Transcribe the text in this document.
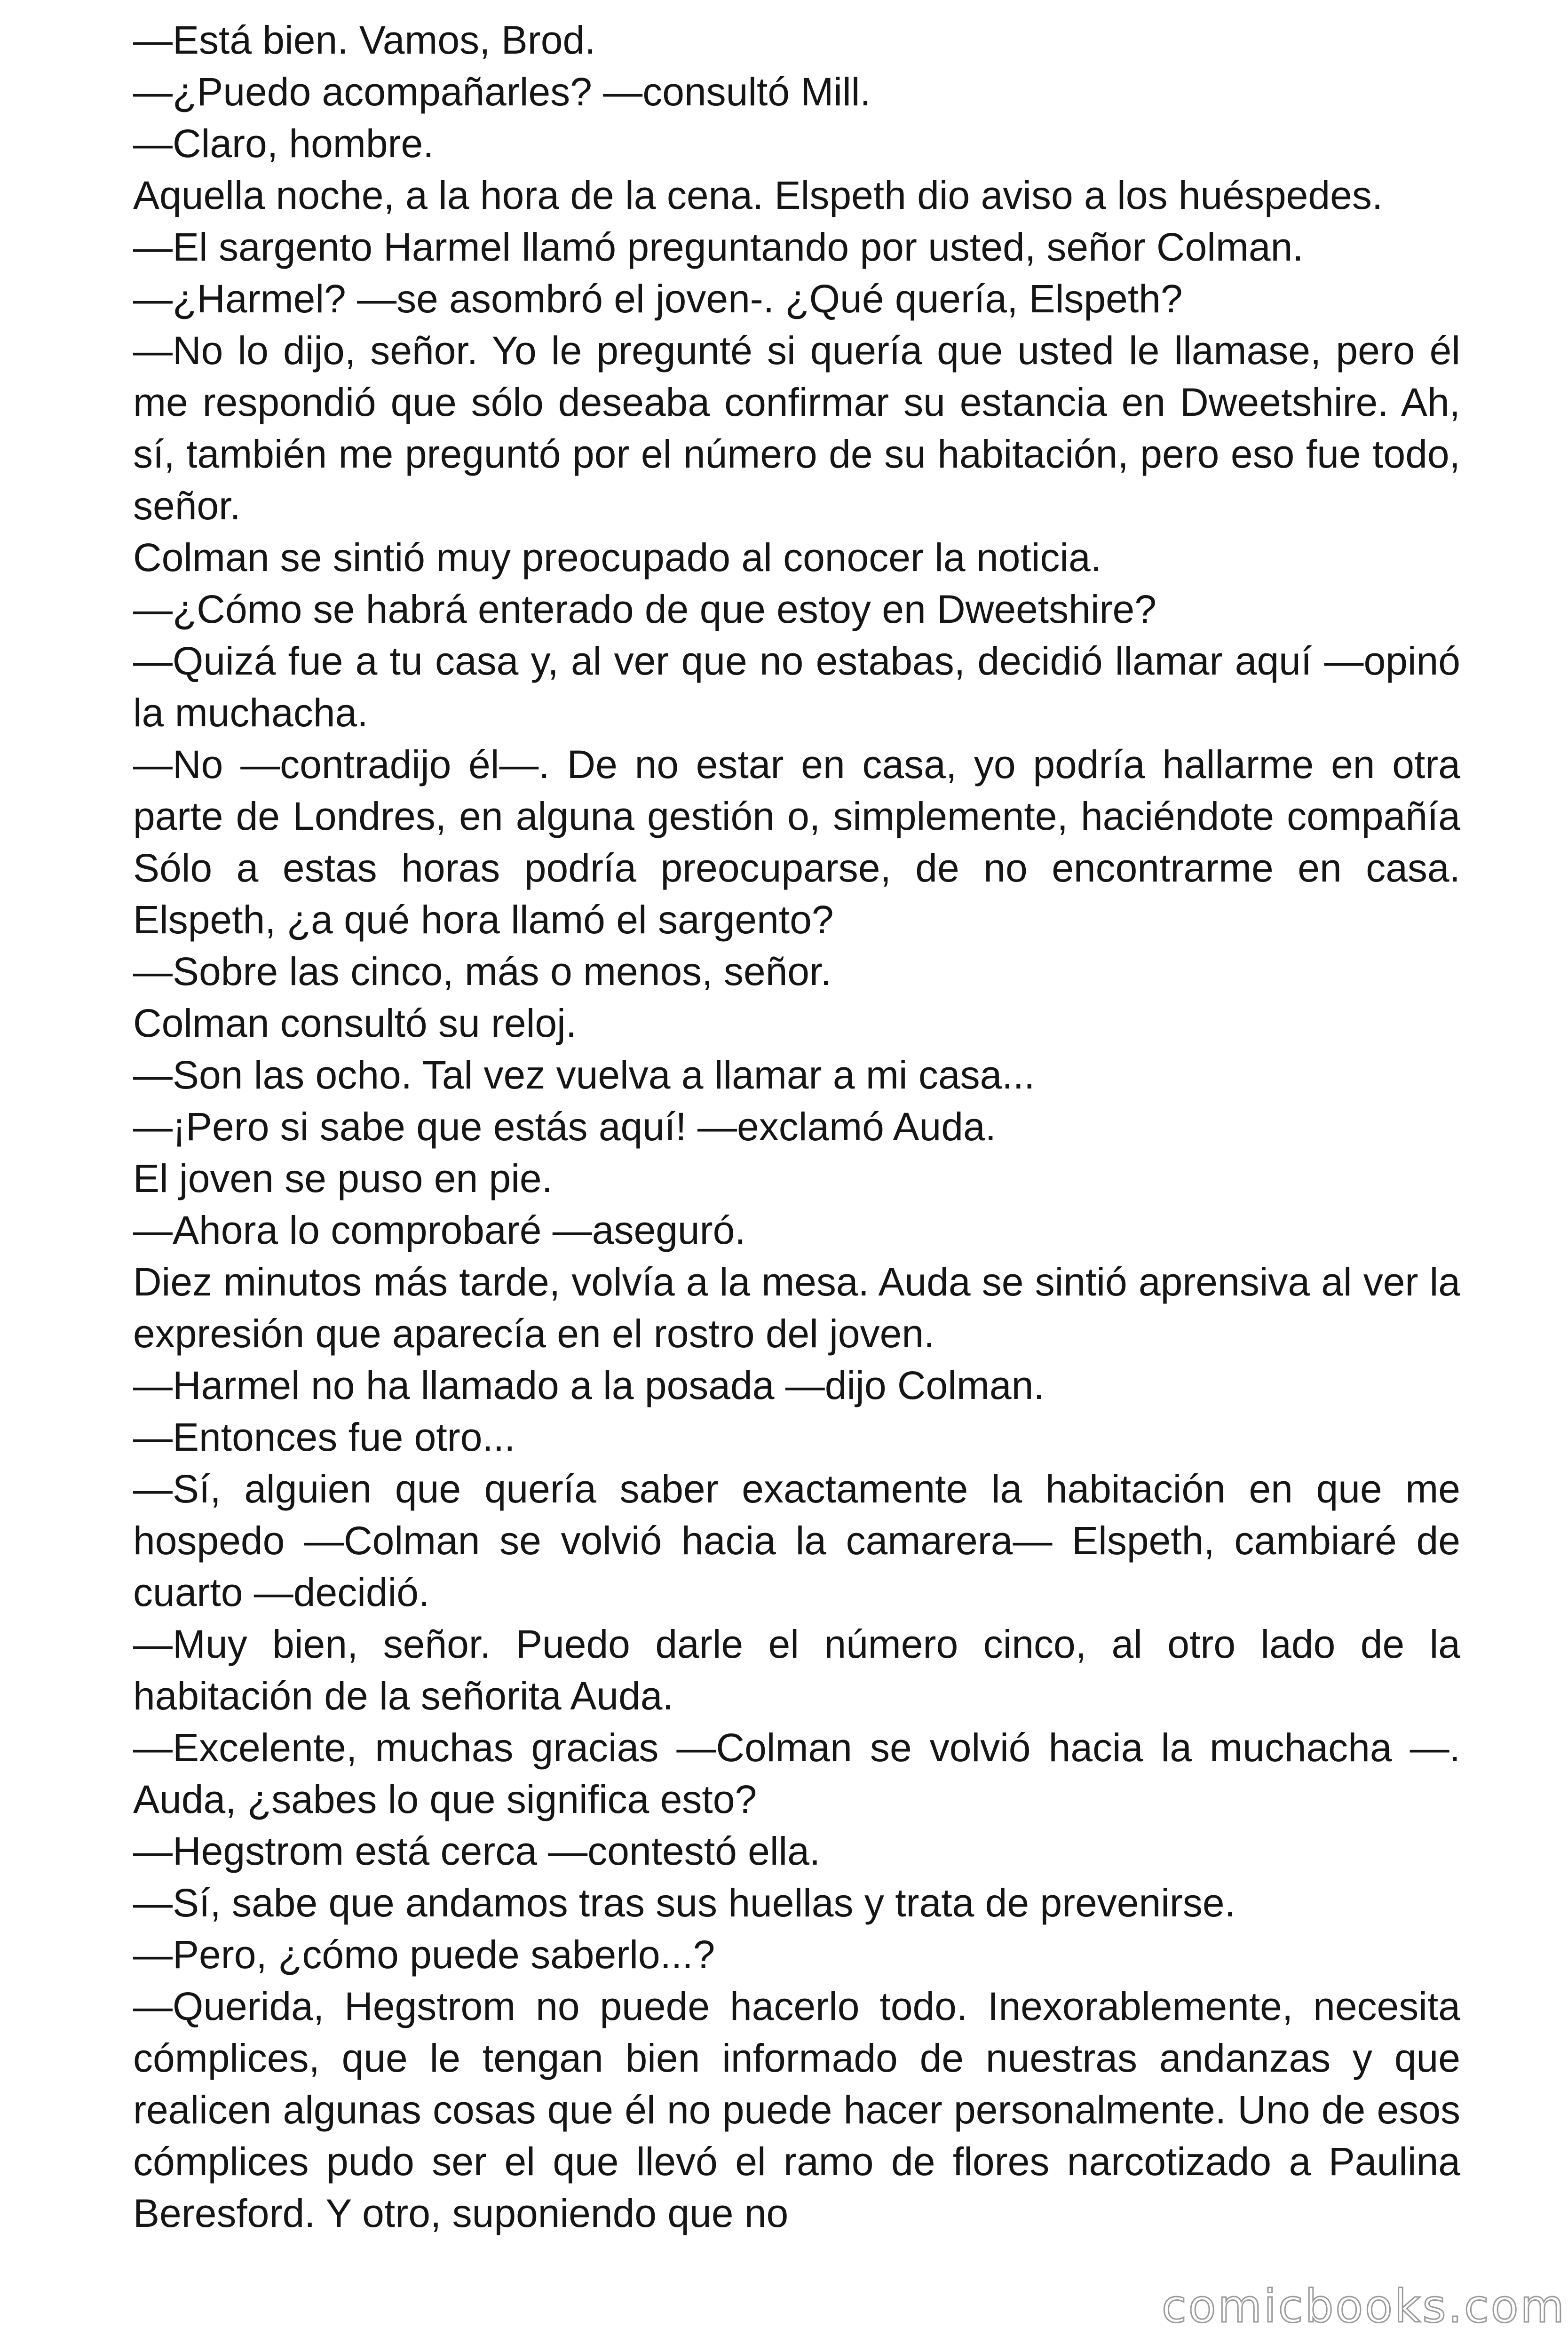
—Está bien. Vamos, Brod.

—¿Puedo acompañarles? —consultó Mill.

—Claro, hombre.

Aquella noche, a la hora de la cena. Elspeth dio aviso a los huéspedes.

—El sargento Harmel llamó preguntando por usted, señor Colman.

—¿Harmel? —se asombró el joven-. ¿Qué quería, Elspeth?

—No lo dijo, señor. Yo le pregunté si quería que usted le llamase, pero él me respondió que sólo deseaba confirmar su estancia en Dweetshire. Ah, sí, también me preguntó por el número de su habitación, pero eso fue todo, señor.

Colman se sintió muy preocupado al conocer la noticia.

—¿Cómo se habrá enterado de que estoy en Dweetshire?

—Quizá fue a tu casa y, al ver que no estabas, decidió llamar aquí —opinó la muchacha.

—No —contradijo él—. De no estar en casa, yo podría hallarme en otra parte de Londres, en alguna gestión o, simplemente, haciéndote compañía Sólo a estas horas podría preocuparse, de no encontrarme en casa. Elspeth, ¿a qué hora llamó el sargento?

—Sobre las cinco, más o menos, señor.

Colman consultó su reloj.

—Son las ocho. Tal vez vuelva a llamar a mi casa...

—¡Pero si sabe que estás aquí! —exclamó Auda.

El joven se puso en pie.

—Ahora lo comprobaré —aseguró.

Diez minutos más tarde, volvía a la mesa. Auda se sintió aprensiva al ver la expresión que aparecía en el rostro del joven.

—Harmel no ha llamado a la posada —dijo Colman.

—Entonces fue otro...

—Sí, alguien que quería saber exactamente la habitación en que me hospedo —Colman se volvió hacia la camarera— Elspeth, cambiaré de cuarto —decidió.

—Muy bien, señor. Puedo darle el número cinco, al otro lado de la habitación de la señorita Auda.

—Excelente, muchas gracias —Colman se volvió hacia la muchacha —. Auda, ¿sabes lo que significa esto?

—Hegstrom está cerca —contestó ella.

—Sí, sabe que andamos tras sus huellas y trata de prevenirse.

—Pero, ¿cómo puede saberlo...?

—Querida, Hegstrom no puede hacerlo todo. Inexorablemente, necesita cómplices, que le tengan bien informado de nuestras andanzas y que realicen algunas cosas que él no puede hacer personalmente. Uno de esos cómplices pudo ser el que llevó el ramo de flores narcotizado a Paulina Beresford. Y otro, suponiendo que no

comicbooks.com
